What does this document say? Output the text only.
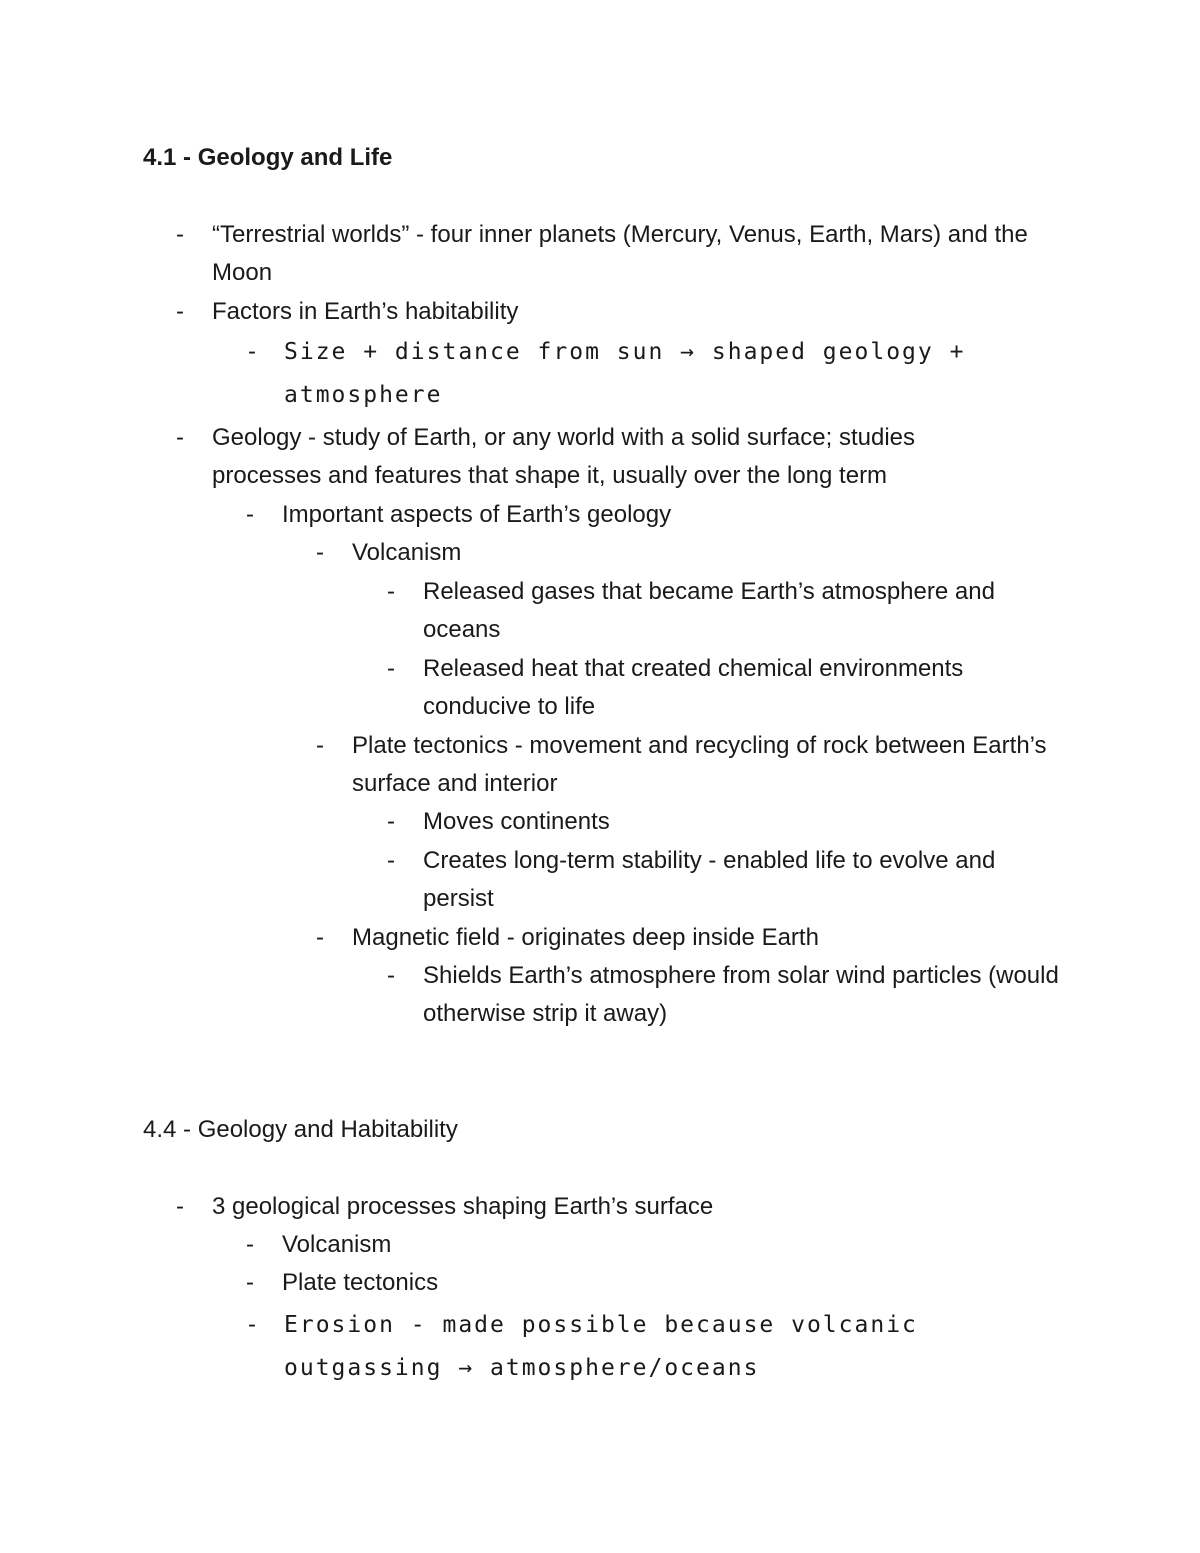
4.1 - Geology and Life
-	“Terrestrial worlds” - four inner planets (Mercury, Venus, Earth, Mars) and the Moon
-	Factors in Earth’s habitability
-	Size + distance from sun → shaped geology + atmosphere
-	Geology - study of Earth, or any world with a solid surface; studies processes and features that shape it, usually over the long term
-	Important aspects of Earth’s geology
-	Volcanism
-	Released gases that became Earth’s atmosphere and oceans
-	Released heat that created chemical environments conducive to life
-	Plate tectonics - movement and recycling of rock between Earth’s surface and interior
-	Moves continents
-	Creates long-term stability - enabled life to evolve and persist
-	Magnetic field - originates deep inside Earth
-	Shields Earth’s atmosphere from solar wind particles (would otherwise strip it away)
4.4 - Geology and Habitability
-	3 geological processes shaping Earth’s surface
-	Volcanism
-	Plate tectonics
-	Erosion - made possible because volcanic outgassing → atmosphere/oceans
